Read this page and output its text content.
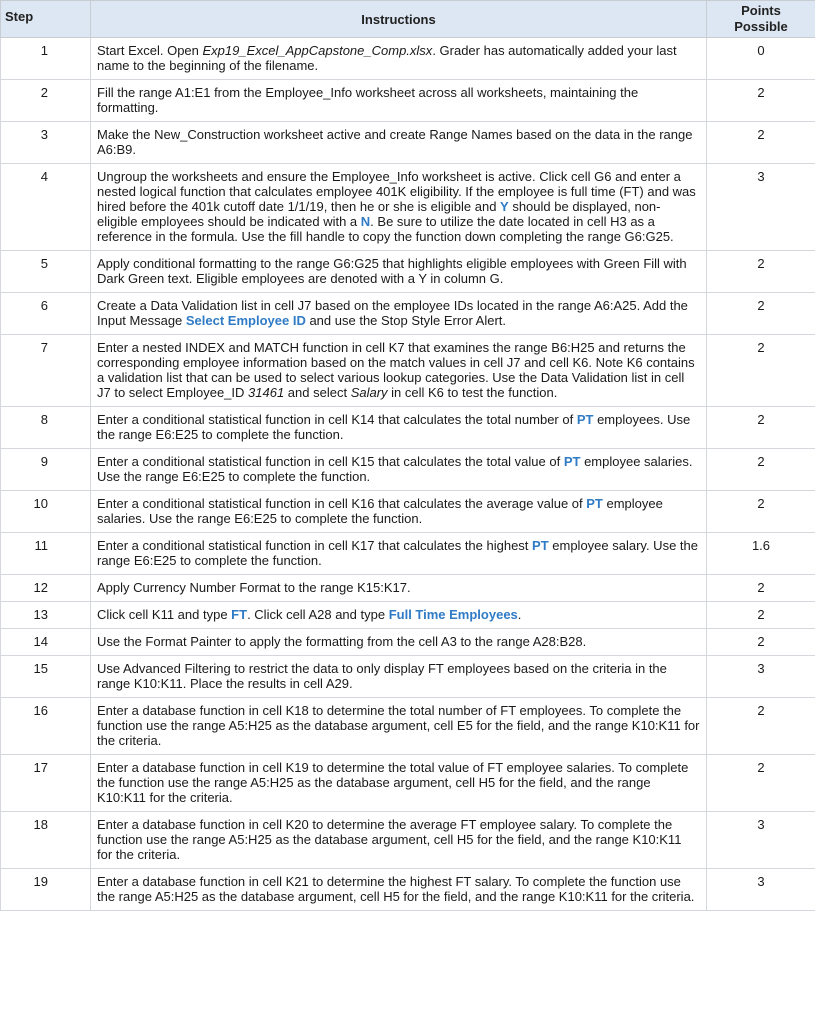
Step	Instructions	Points
Possible
1	Start Excel. Open Exp19_Excel_AppCapstone_Comp.xlsx. Grader has automatically added your last name to the beginning of the filename.	0
2	Fill the range A1:E1 from the Employee_Info worksheet across all worksheets, maintaining the formatting.	2
3	Make the New_Construction worksheet active and create Range Names based on the data in the range A6:B9.	2
4	Ungroup the worksheets and ensure the Employee_Info worksheet is active. Click cell G6 and enter a nested logical function that calculates employee 401K eligibility. If the employee is full time (FT) and was hired before the 401k cutoff date 1/1/19, then he or she is eligible and Y should be displayed, non-eligible employees should be indicated with a N. Be sure to utilize the date located in cell H3 as a reference in the formula. Use the fill handle to copy the function down completing the range G6:G25.	3
5	Apply conditional formatting to the range G6:G25 that highlights eligible employees with Green Fill with Dark Green text. Eligible employees are denoted with a Y in column G.	2
6	Create a Data Validation list in cell J7 based on the employee IDs located in the range A6:A25. Add the Input Message Select Employee ID and use the Stop Style Error Alert.	2
7	Enter a nested INDEX and MATCH function in cell K7 that examines the range B6:H25 and returns the corresponding employee information based on the match values in cell J7 and cell K6. Note K6 contains a validation list that can be used to select various lookup categories. Use the Data Validation list in cell J7 to select Employee_ID 31461 and select Salary in cell K6 to test the function.	2
8	Enter a conditional statistical function in cell K14 that calculates the total number of PT employees. Use the range E6:E25 to complete the function.	2
9	Enter a conditional statistical function in cell K15 that calculates the total value of PT employee salaries. Use the range E6:E25 to complete the function.	2
10	Enter a conditional statistical function in cell K16 that calculates the average value of PT employee salaries. Use the range E6:E25 to complete the function.	2
11	Enter a conditional statistical function in cell K17 that calculates the highest PT employee salary. Use the range E6:E25 to complete the function.	1.6
12	Apply Currency Number Format to the range K15:K17.	2
13	Click cell K11 and type FT. Click cell A28 and type Full Time Employees.	2
14	Use the Format Painter to apply the formatting from the cell A3 to the range A28:B28.	2
15	Use Advanced Filtering to restrict the data to only display FT employees based on the criteria in the range K10:K11. Place the results in cell A29.	3
16	Enter a database function in cell K18 to determine the total number of FT employees. To complete the function use the range A5:H25 as the database argument, cell E5 for the field, and the range K10:K11 for the criteria.	2
17	Enter a database function in cell K19 to determine the total value of FT employee salaries. To complete the function use the range A5:H25 as the database argument, cell H5 for the field, and the range K10:K11 for the criteria.	2
18	Enter a database function in cell K20 to determine the average FT employee salary. To complete the function use the range A5:H25 as the database argument, cell H5 for the field, and the range K10:K11 for the criteria.	3
19	Enter a database function in cell K21 to determine the highest FT salary. To complete the function use the range A5:H25 as the database argument, cell H5 for the field, and the range K10:K11 for the criteria.	3
